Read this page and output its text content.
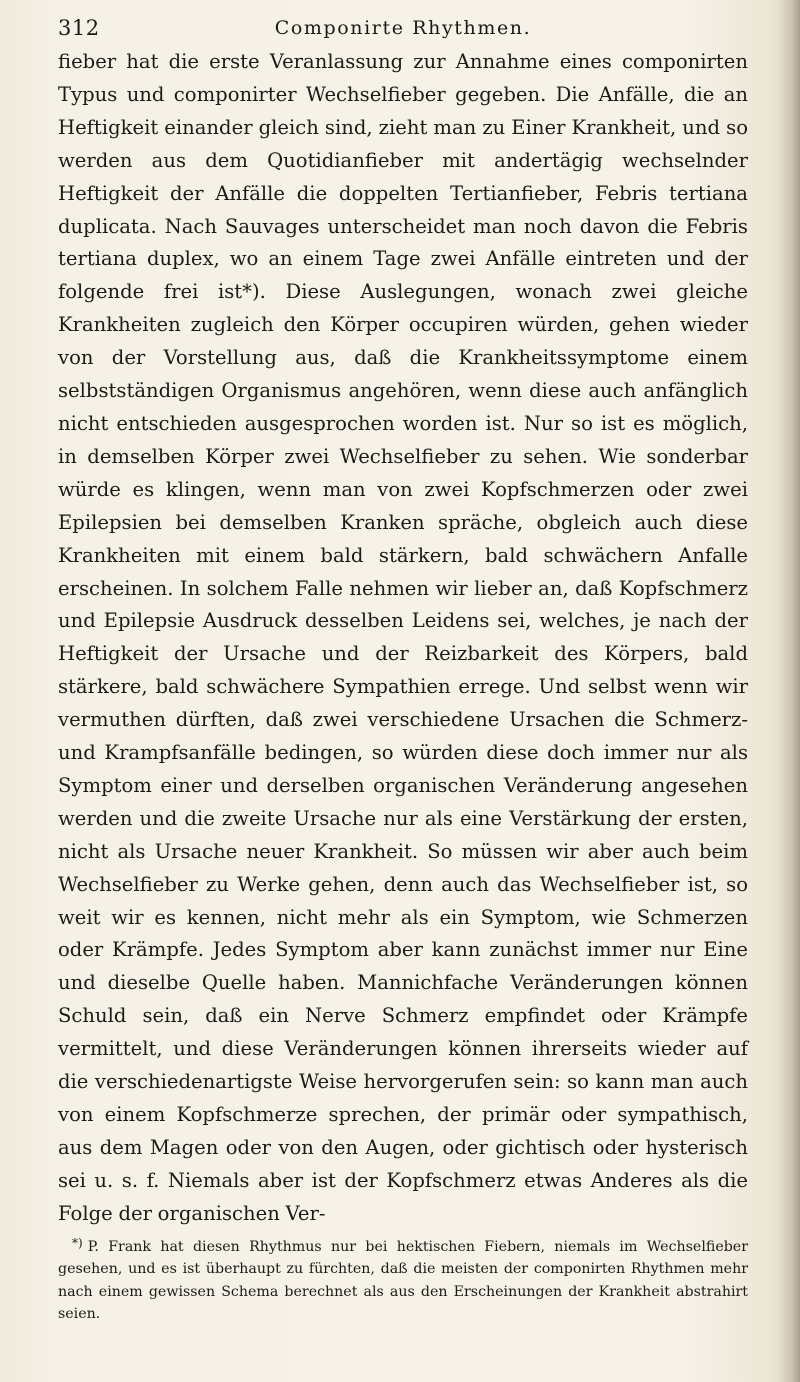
312	Componirte Rhythmen.

fieber hat die erste Veranlassung zur Annahme eines componirten Typus und componirter Wechselfieber gegeben. Die Anfälle, die an Heftigkeit einander gleich sind, zieht man zu Einer Krankheit, und so werden aus dem Quotidianfieber mit andertägig wechselnder Heftigkeit der Anfälle die doppelten Tertianfieber, Febris tertiana duplicata. Nach Sauvages unterscheidet man noch davon die Febris tertiana duplex, wo an einem Tage zwei Anfälle eintreten und der folgende frei ist*). Diese Auslegungen, wonach zwei gleiche Krankheiten zugleich den Körper occupiren würden, gehen wieder von der Vorstellung aus, daß die Krankheitssymptome einem selbstständigen Organismus angehören, wenn diese auch anfänglich nicht entschieden ausgesprochen worden ist. Nur so ist es möglich, in demselben Körper zwei Wechselfieber zu sehen. Wie sonderbar würde es klingen, wenn man von zwei Kopfschmerzen oder zwei Epilepsien bei demselben Kranken spräche, obgleich auch diese Krankheiten mit einem bald stärkern, bald schwächern Anfalle erscheinen. In solchem Falle nehmen wir lieber an, daß Kopfschmerz und Epilepsie Ausdruck desselben Leidens sei, welches, je nach der Heftigkeit der Ursache und der Reizbarkeit des Körpers, bald stärkere, bald schwächere Sympathien errege. Und selbst wenn wir vermuthen dürften, daß zwei verschiedene Ursachen die Schmerz- und Krampfsanfälle bedingen, so würden diese doch immer nur als Symptom einer und derselben organischen Veränderung angesehen werden und die zweite Ursache nur als eine Verstärkung der ersten, nicht als Ursache neuer Krankheit. So müssen wir aber auch beim Wechselfieber zu Werke gehen, denn auch das Wechselfieber ist, so weit wir es kennen, nicht mehr als ein Symptom, wie Schmerzen oder Krämpfe. Jedes Symptom aber kann zunächst immer nur Eine und dieselbe Quelle haben. Mannichfache Veränderungen können Schuld sein, daß ein Nerve Schmerz empfindet oder Krämpfe vermittelt, und diese Veränderungen können ihrerseits wieder auf die verschiedenartigste Weise hervorgerufen sein: so kann man auch von einem Kopfschmerze sprechen, der primär oder sympathisch, aus dem Magen oder von den Augen, oder gichtisch oder hysterisch sei u. s. f. Niemals aber ist der Kopfschmerz etwas Anderes als die Folge der organischen Ver-

*) P. Frank hat diesen Rhythmus nur bei hektischen Fiebern, niemals im Wechselfieber gesehen, und es ist überhaupt zu fürchten, daß die meisten der componirten Rhythmen mehr nach einem gewissen Schema berechnet als aus den Erscheinungen der Krankheit abstrahirt seien.
